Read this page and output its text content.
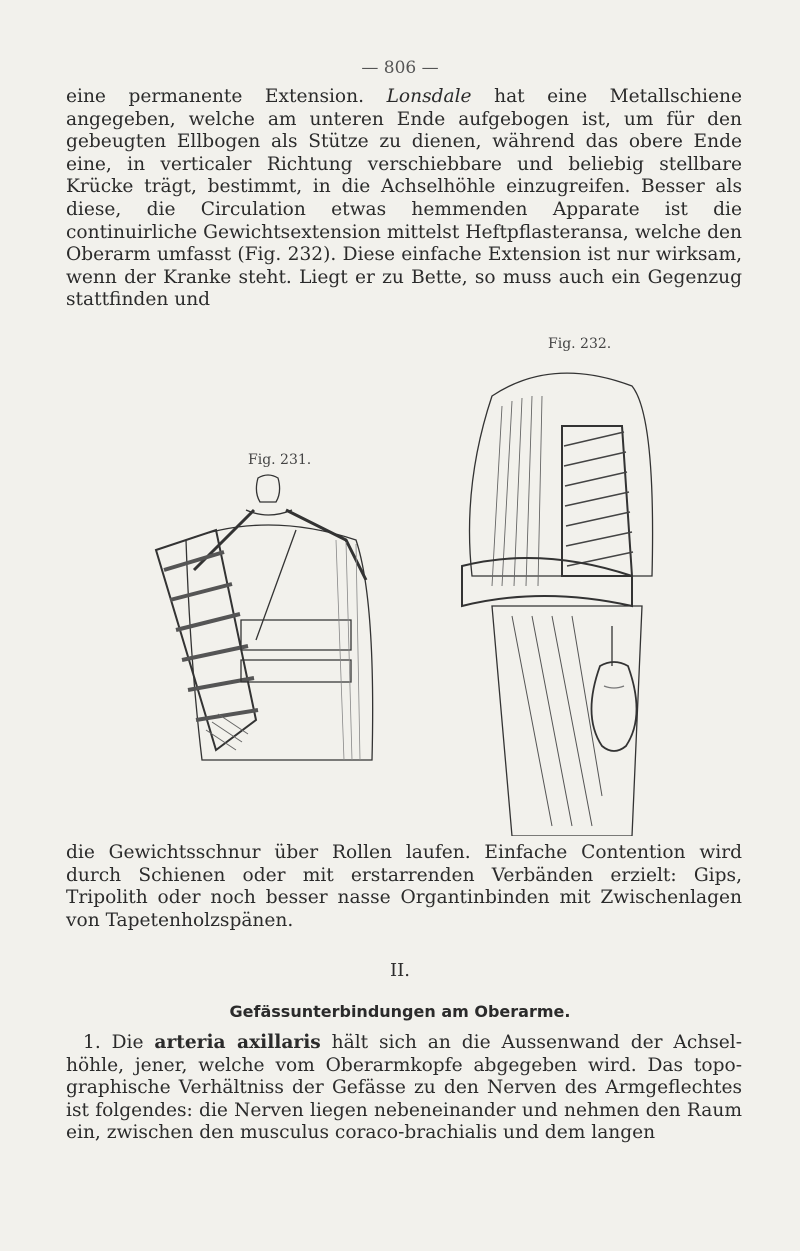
— 806 —

eine permanente Extension. Lonsdale hat eine Metallschiene angegeben, welche am unteren Ende aufgebogen ist, um für den gebeugten Ellbogen als Stütze zu dienen, während das obere Ende eine, in verticaler Richtung verschiebbare und beliebig stellbare Krücke trägt, bestimmt, in die Achselhöhle einzugreifen. Besser als diese, die Circulation etwas hemmenden Apparate ist die continuirliche Gewichtsextension mittelst Heftpflasteransa, welche den Oberarm umfasst (Fig. 232). Diese einfache Extension ist nur wirksam, wenn der Kranke steht. Liegt er zu Bette, so muss auch ein Gegenzug stattfinden und

Fig. 231.
Fig. 232.

die Gewichtsschnur über Rollen laufen. Einfache Contention wird durch Schienen oder mit erstarrenden Verbänden erzielt: Gips, Tripolith oder noch besser nasse Organtinbinden mit Zwischenlagen von Tapetenholzspänen.

II.
Gefässunterbindungen am Oberarme.

1. Die arteria axillaris hält sich an die Aussenwand der Achselhöhle, jener, welche vom Oberarmkopfe abgegeben wird. Das topographische Verhältniss der Gefässe zu den Nerven des Armgeflechtes ist folgendes: die Nerven liegen nebeneinander und nehmen den Raum ein, zwischen den musculus coraco-brachialis und dem langen
